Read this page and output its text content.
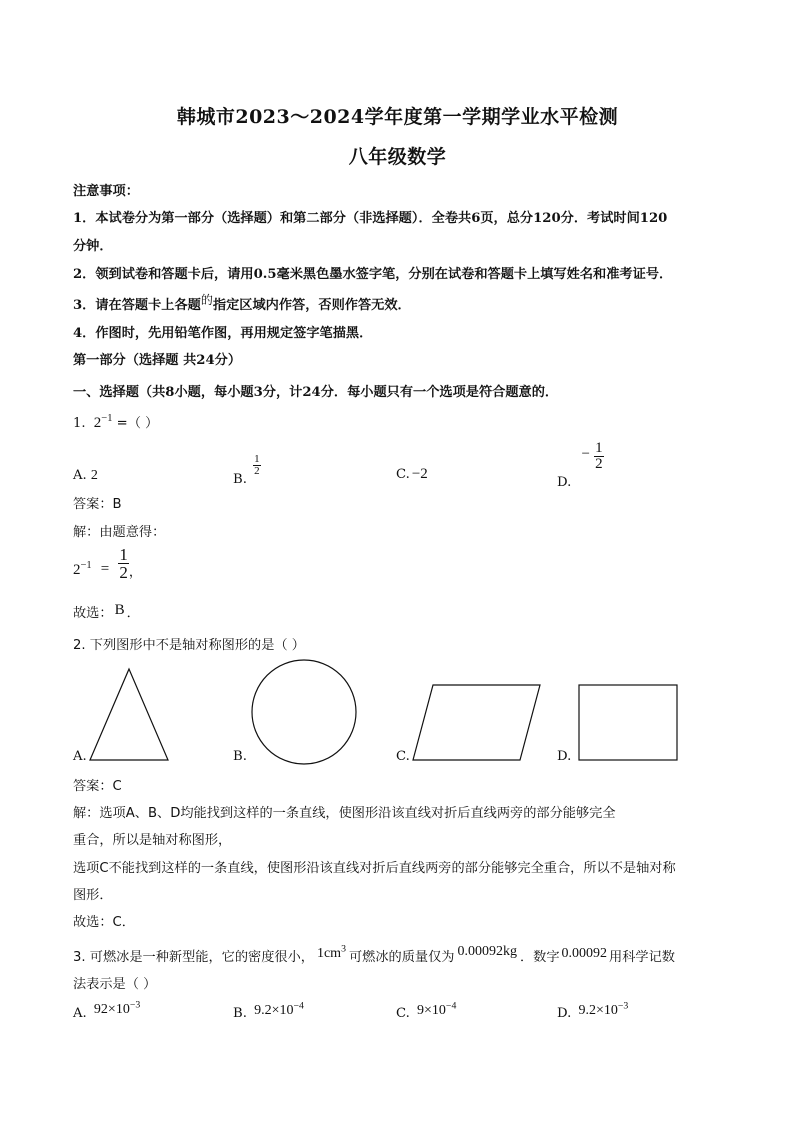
韩城市2023～2024学年度第一学期学业水平检测
八年级数学
注意事项：
1．本试卷分为第一部分（选择题）和第二部分（非选择题）．全卷共6页，总分120分．考试时间120
分钟．
2．领到试卷和答题卡后，请用0.5毫米黑色墨水签字笔，分别在试卷和答题卡上填写姓名和准考证号．
3．请在答题卡上各题的指定区域内作答，否则作答无效．
4．作图时，先用铅笔作图，再用规定签字笔描黑．
第一部分（选择题 共24分）
一、选择题（共8小题，每小题3分，计24分．每小题只有一个选项是符合题意的．
1. $2^{-1}$ =（ ）
A. 2	B.
$\frac{1}{2}$	C. −2
D. − $\frac{1}{2}$
答案：B
解：由题意得：
$2^{-1} = \frac{1}{2} _,$
故选： B ．
2. 下列图形中不是轴对称图形的是（ ）
A.	B.	C.	D.
答案：C
解：选项A、B、D均能找到这样的一条直线，使图形沿该直线对折后直线两旁的部分能够完全
重合，所以是轴对称图形，
选项C不能找到这样的一条直线，使图形沿该直线对折后直线两旁的部分能够完全重合，所以不是轴对称
图形．
故选：C．
3. 可燃冰是一种新型能，它的密度很小， $1cm^3$可燃冰的质量仅为 0.00092kg ．数字 0.00092 用科学记数
法表示是（ ）
A. $92\times 10^{-3}$
B. $9.2\times 10^{-4}$
C. $9\times 10^{-4}$
D. $9.2\times 10^{-3}$
